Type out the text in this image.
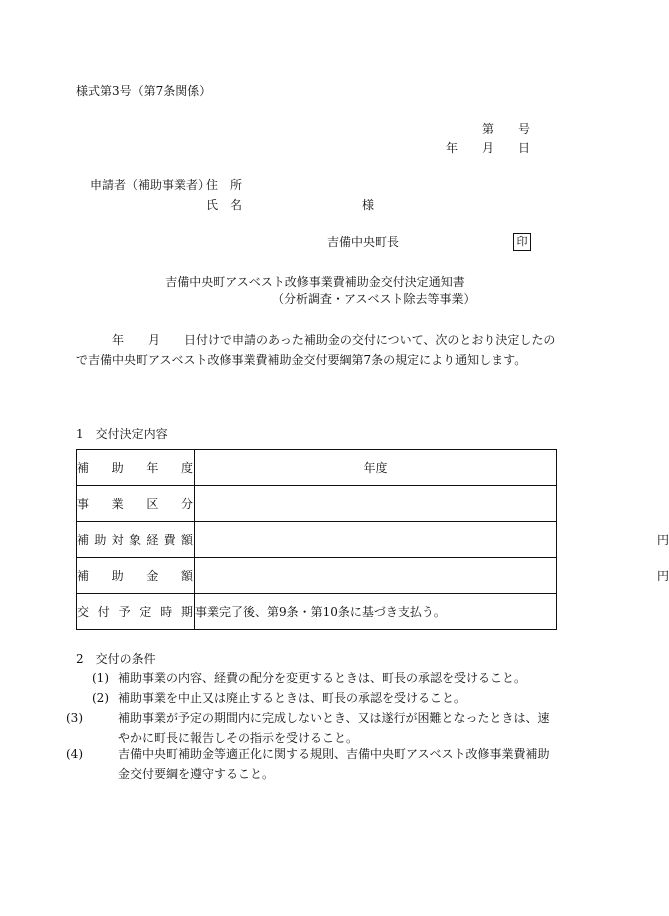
様式第3号（第7条関係）
第　　号
年　　月　　日
申請者（補助事業者）
住　所
氏　名	様
吉備中央町長	印
吉備中央町アスベスト改修事業費補助金交付決定通知書
（分析調査・アスベスト除去等事業）
年　　月　　日付けで申請のあった補助金の交付について、次のとおり決定したので吉備中央町アスベスト改修事業費補助金交付要綱第7条の規定により通知します。
1　交付決定内容
補助年度	年度

事業区分	
補助対象経費額	円

補助金額	円

交付予定時期	事業完了後、第9条・第10条に基づき支払う。
2　交付の条件
(1) 補助事業の内容、経費の配分を変更するときは、町長の承認を受けること。
(2) 補助事業を中止又は廃止するときは、町長の承認を受けること。
(3)	補助事業が予定の期間内に完成しないとき、又は遂行が困難となったときは、速やかに町長に報告しその指示を受けること。
(4)	吉備中央町補助金等適正化に関する規則、吉備中央町アスベスト改修事業費補助金交付要綱を遵守すること。
